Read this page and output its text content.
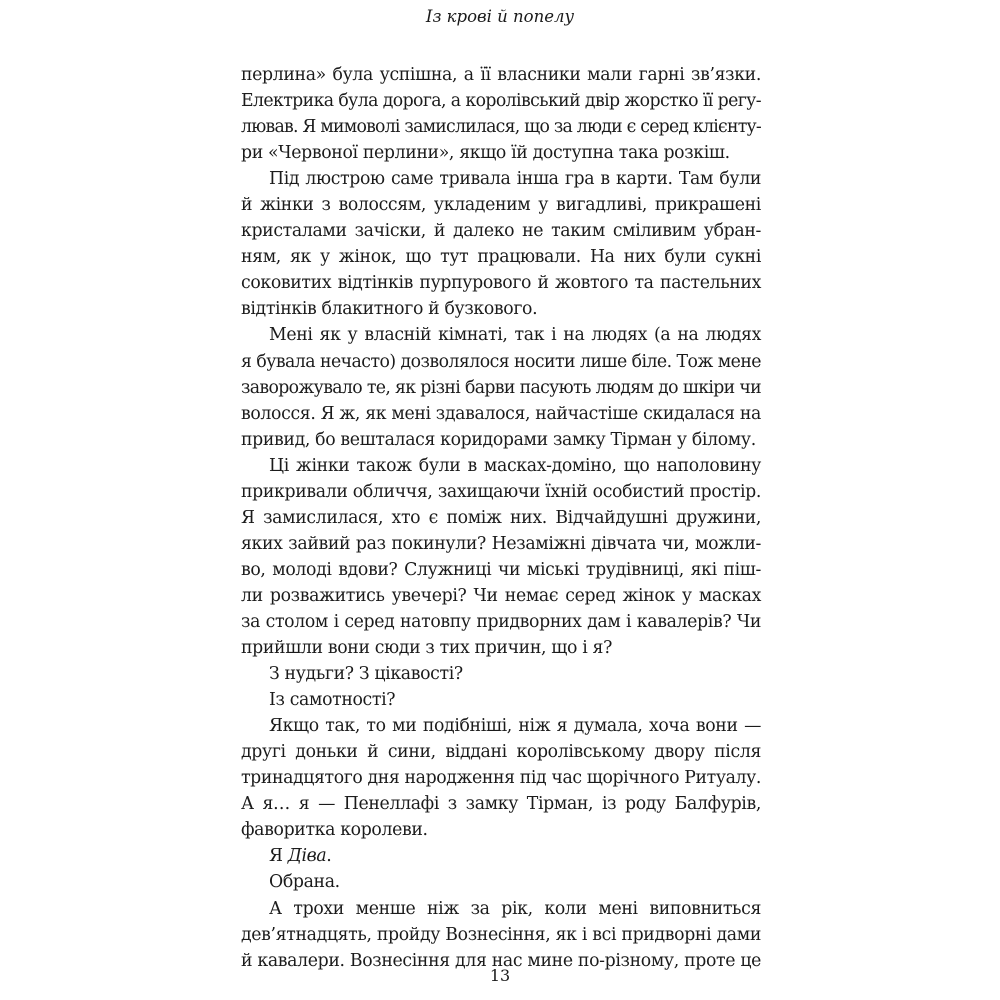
Із крові й попелу
перлина» була успішна, а її власники мали гарні зв’язки.
Електрика була дорога, а королівський двір жорстко її регу-
лював. Я мимоволі замислилася, що за люди є серед клієнту-
ри «Червоної перлини», якщо їй доступна така розкіш.
Під люстрою саме тривала інша гра в карти. Там були
й жінки з волоссям, укладеним у вигадливі, прикрашені
кристалами зачіски, й далеко не таким сміливим убран-
ням, як у жінок, що тут працювали. На них були сукні
соковитих відтінків пурпурового й жовтого та пастельних
відтінків блакитного й бузкового.
Мені як у власній кімнаті, так і на людях (а на людях
я бувала нечасто) дозволялося носити лише біле. Тож мене
заворожувало те, як різні барви пасують людям до шкіри чи
волосся. Я ж, як мені здавалося, найчастіше скидалася на
привид, бо вешталася коридорами замку Тірман у білому.
Ці жінки також були в масках-доміно, що наполовину
прикривали обличчя, захищаючи їхній особистий простір.
Я замислилася, хто є поміж них. Відчайдушні дружини,
яких зайвий раз покинули? Незаміжні дівчата чи, можли-
во, молоді вдови? Служниці чи міські трудівниці, які піш-
ли розважитись увечері? Чи немає серед жінок у масках
за столом і серед натовпу придворних дам і кавалерів? Чи
прийшли вони сюди з тих причин, що і я?
З нудьги? З цікавості?
Із самотності?
Якщо так, то ми подібніші, ніж я думала, хоча вони —
другі доньки й сини, віддані королівському двору після
тринадцятого дня народження під час щорічного Ритуалу.
А я… я — Пенеллафі з замку Тірман, із роду Балфурів,
фаворитка королеви.
Я Діва.
Обрана.
А трохи менше ніж за рік, коли мені виповниться
дев’ятнадцять, пройду Вознесіння, як і всі придворні дами
й кавалери. Вознесіння для нас мине по-різному, проте це
13
